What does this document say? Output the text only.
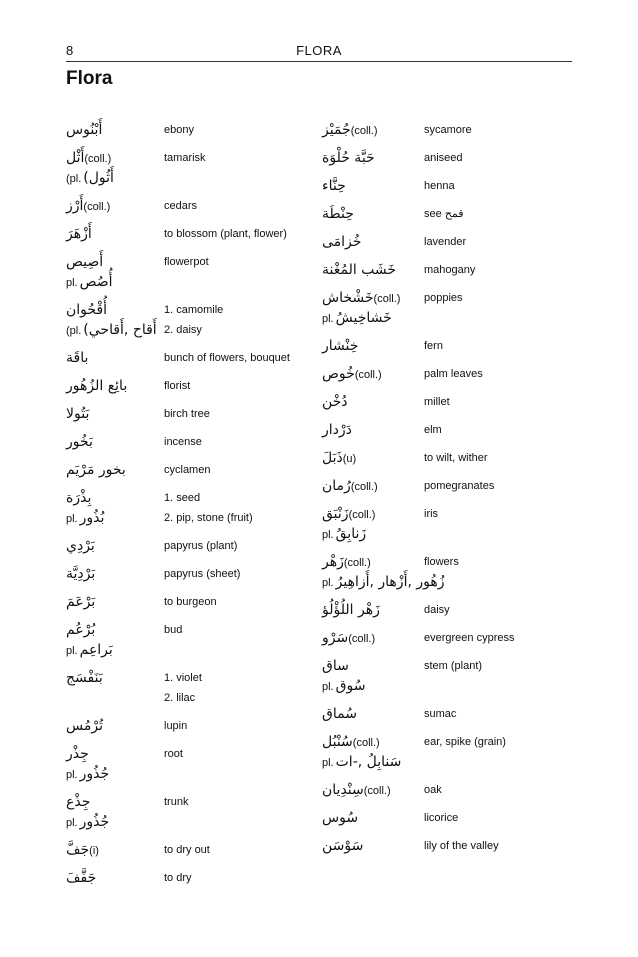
8	FLORA
Flora
أَبْنُوس	ebony
أَثْل(coll.)	tamarisk
(pl. أَثُول)
أَرْز(coll.)	cedars
أَزْهَرَ	to blossom (plant, flower)
أَصِيص	flowerpot
pl. أُصُص
أُقْحُوان	1. camomile
(pl. أَقاح ,أَقاحي) 2. daisy
باقَة	bunch of flowers, bouquet
بائِع الزُهُور	florist
بَتُولا	birch tree
بَخُور	incense
بخور مَرْيَم	cyclamen
بِذْرَة	1. seed
pl. بُذُور	2. pip, stone (fruit)
بَرْدِي	papyrus (plant)
بَرْدِيَّة	papyrus (sheet)
بَرْعَمَ	to burgeon
بُرْعُم	bud
pl. بَراعِم
بَنَفْسَج	1. violet
2. lilac
تُرْمُس	lupin
جِذْر	root
pl. جُذُور
جِذْع	trunk
pl. جُذُور
جَفَّ(i)	to dry out
جَفَّفَ	to dry
جُمَيْز(coll.)	sycamore
حَبَّة حُلْوَة	aniseed
حِنَّاء	henna
حِنْطَة	see قمح
خُزامَى	lavender
خَشَب المُغْنة	mahogany
خَشْخاش(coll.) poppies
pl. خَشاخِيشُ
خِنْشار	fern
خُوص(coll.)	palm leaves
دُخْن	millet
دَرْدار	elm
ذَبَلَ(u)	to wilt, wither
رُمان(coll.)	pomegranates
زَنْبَق(coll.)	iris
pl. زَنابِقُ
زَهْر(coll.)	flowers
pl. زُهُور ,أَزْهار ,أَزاهِيرُ
زَهْر اللُؤْلُؤ	daisy
سَرْو(coll.)	evergreen cypress
ساق	stem (plant)
pl. سُوق
سُماق	sumac
سُنْبُل(coll.)	ear, spike (grain)
pl. سَنابِلُ ,-ات
سِنْدِيان(coll.)	oak
سُوس	licorice
سَوْسَن	lily of the valley
